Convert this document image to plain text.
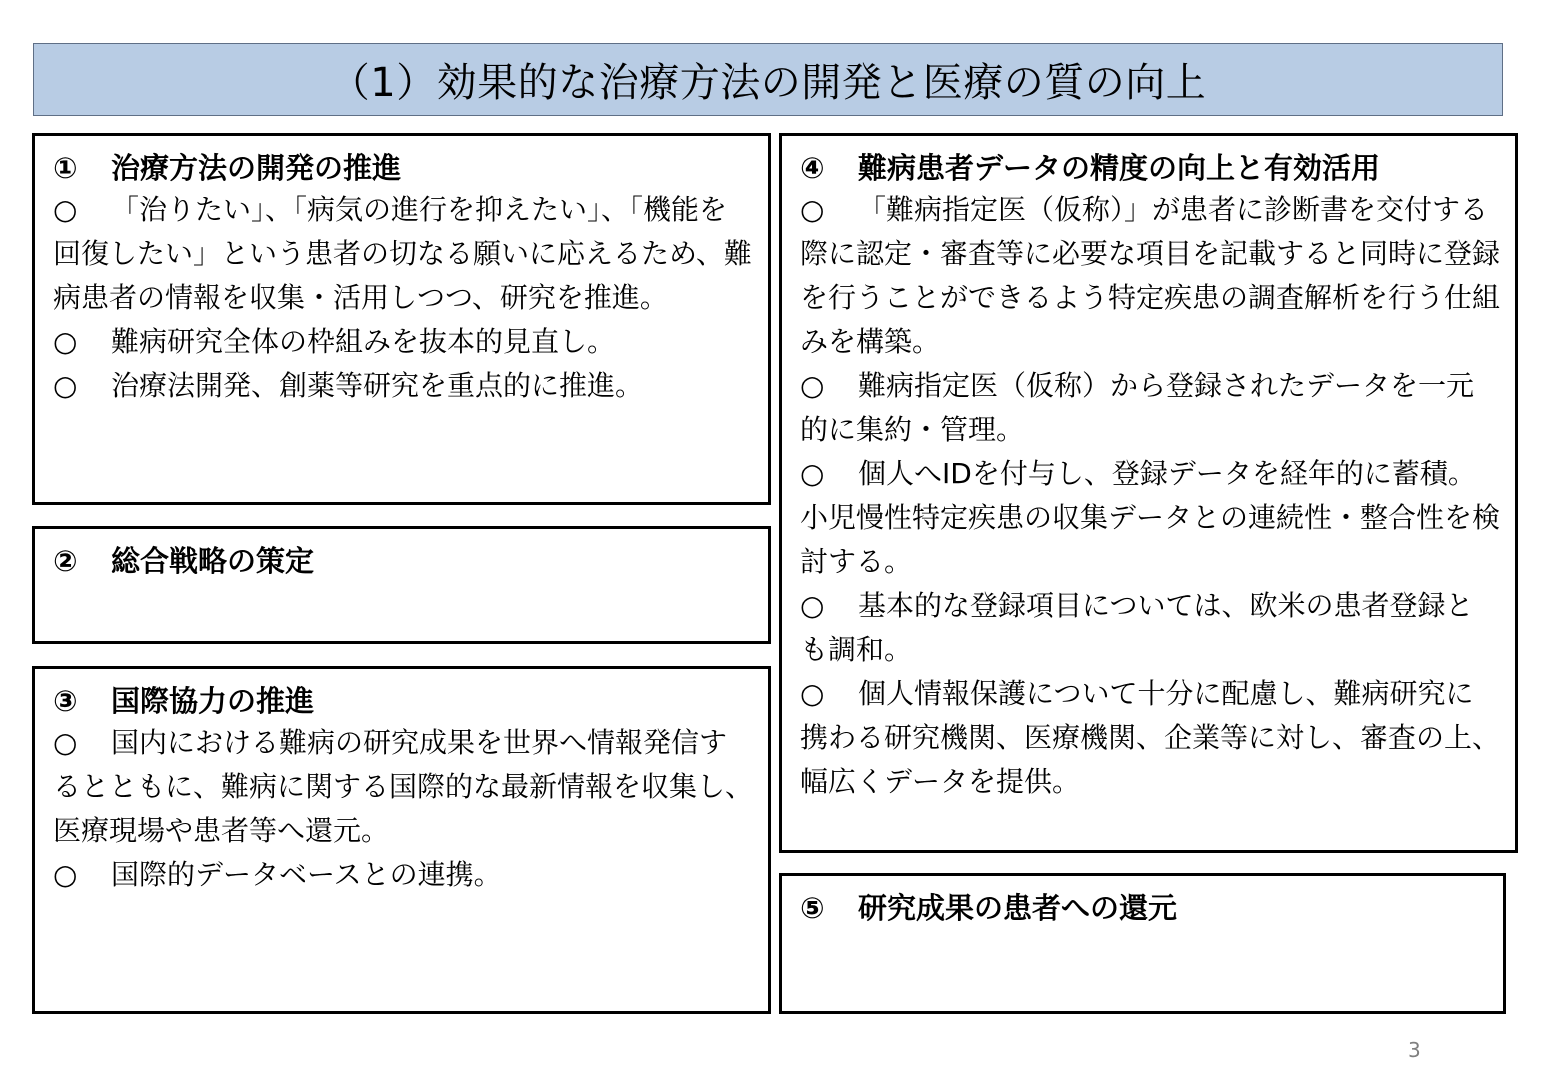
（1）効果的な治療方法の開発と医療の質の向上
①	治療方法の開発の推進
○ 「治りたい」、「病気の進行を抑えたい」、「機能を回復したい」という患者の切なる願いに応えるため、難病患者の情報を収集・活用しつつ、研究を推進。
○ 難病研究全体の枠組みを抜本的見直し。
○ 治療法開発、創薬等研究を重点的に推進。
②	総合戦略の策定
③	国際協力の推進
○ 国内における難病の研究成果を世界へ情報発信するとともに、難病に関する国際的な最新情報を収集し、医療現場や患者等へ還元。
○ 国際的データベースとの連携。
④	難病患者データの精度の向上と有効活用
○ 「難病指定医（仮称）」が患者に診断書を交付する際に認定・審査等に必要な項目を記載すると同時に登録を行うことができるよう特定疾患の調査解析を行う仕組みを構築。
○ 難病指定医（仮称）から登録されたデータを一元的に集約・管理。
○ 個人へIDを付与し、登録データを経年的に蓄積。小児慢性特定疾患の収集データとの連続性・整合性を検討する。
○ 基本的な登録項目については、欧米の患者登録とも調和。
○ 個人情報保護について十分に配慮し、難病研究に携わる研究機関、医療機関、企業等に対し、審査の上、幅広くデータを提供。
⑤	研究成果の患者への還元
3
